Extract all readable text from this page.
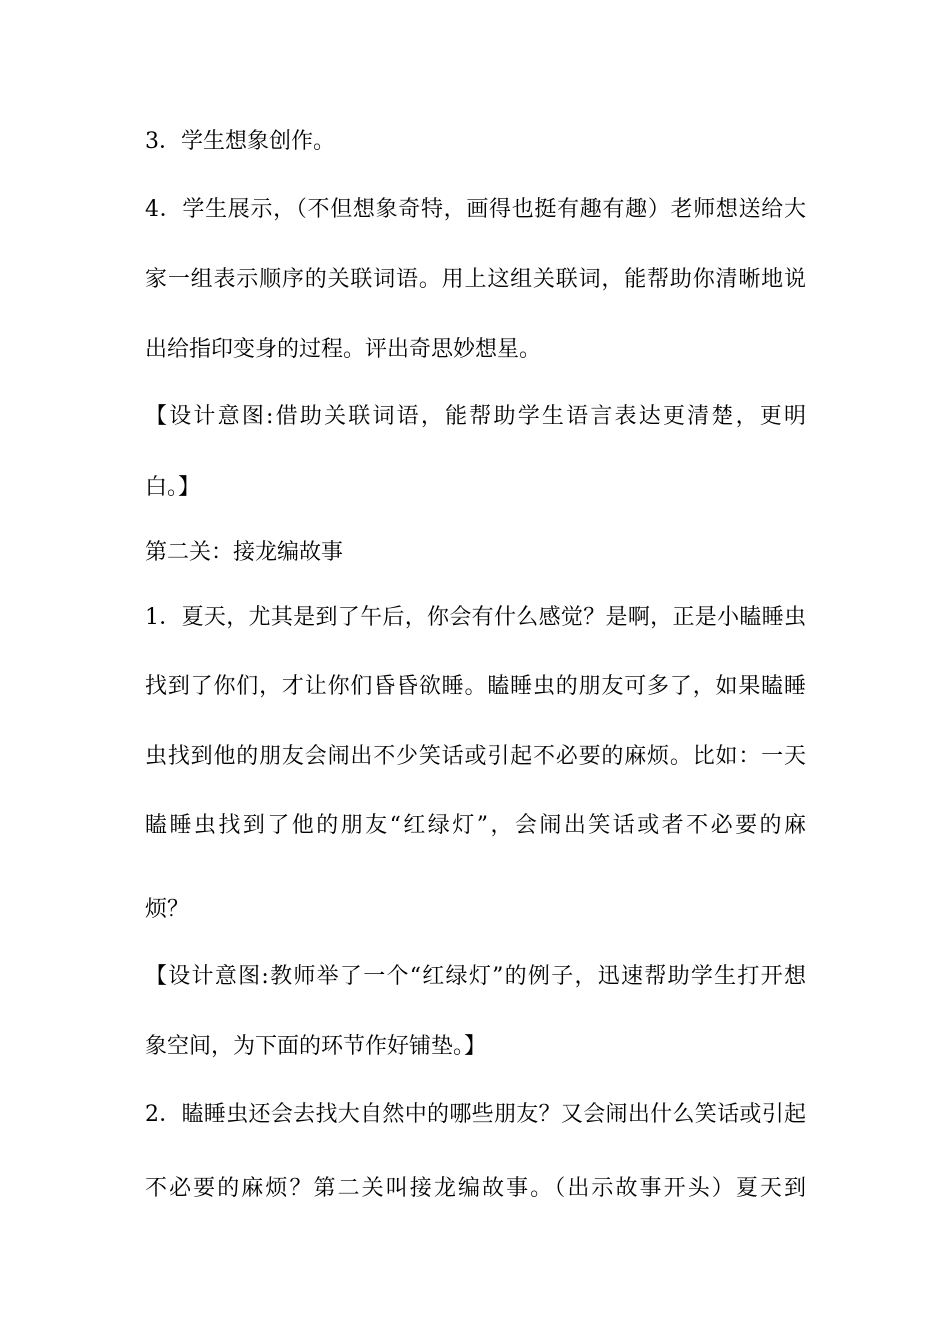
3．学生想象创作。

4．学生展示，（不但想象奇特，画得也挺有趣有趣）老师想送给大

家一组表示顺序的关联词语。用上这组关联词，能帮助你清晰地说

出给指印变身的过程。评出奇思妙想星。

【设计意图:借助关联词语，能帮助学生语言表达更清楚，更明

白。】

第二关：接龙编故事

1．夏天，尤其是到了午后，你会有什么感觉？是啊，正是小瞌睡虫

找到了你们，才让你们昏昏欲睡。瞌睡虫的朋友可多了，如果瞌睡

虫找到他的朋友会闹出不少笑话或引起不必要的麻烦。比如：一天

瞌睡虫找到了他的朋友“红绿灯”，会闹出笑话或者不必要的麻

烦？

【设计意图:教师举了一个“红绿灯”的例子，迅速帮助学生打开想

象空间，为下面的环节作好铺垫。】

2．瞌睡虫还会去找大自然中的哪些朋友？又会闹出什么笑话或引起

不必要的麻烦？第二关叫接龙编故事。（出示故事开头）夏天到
